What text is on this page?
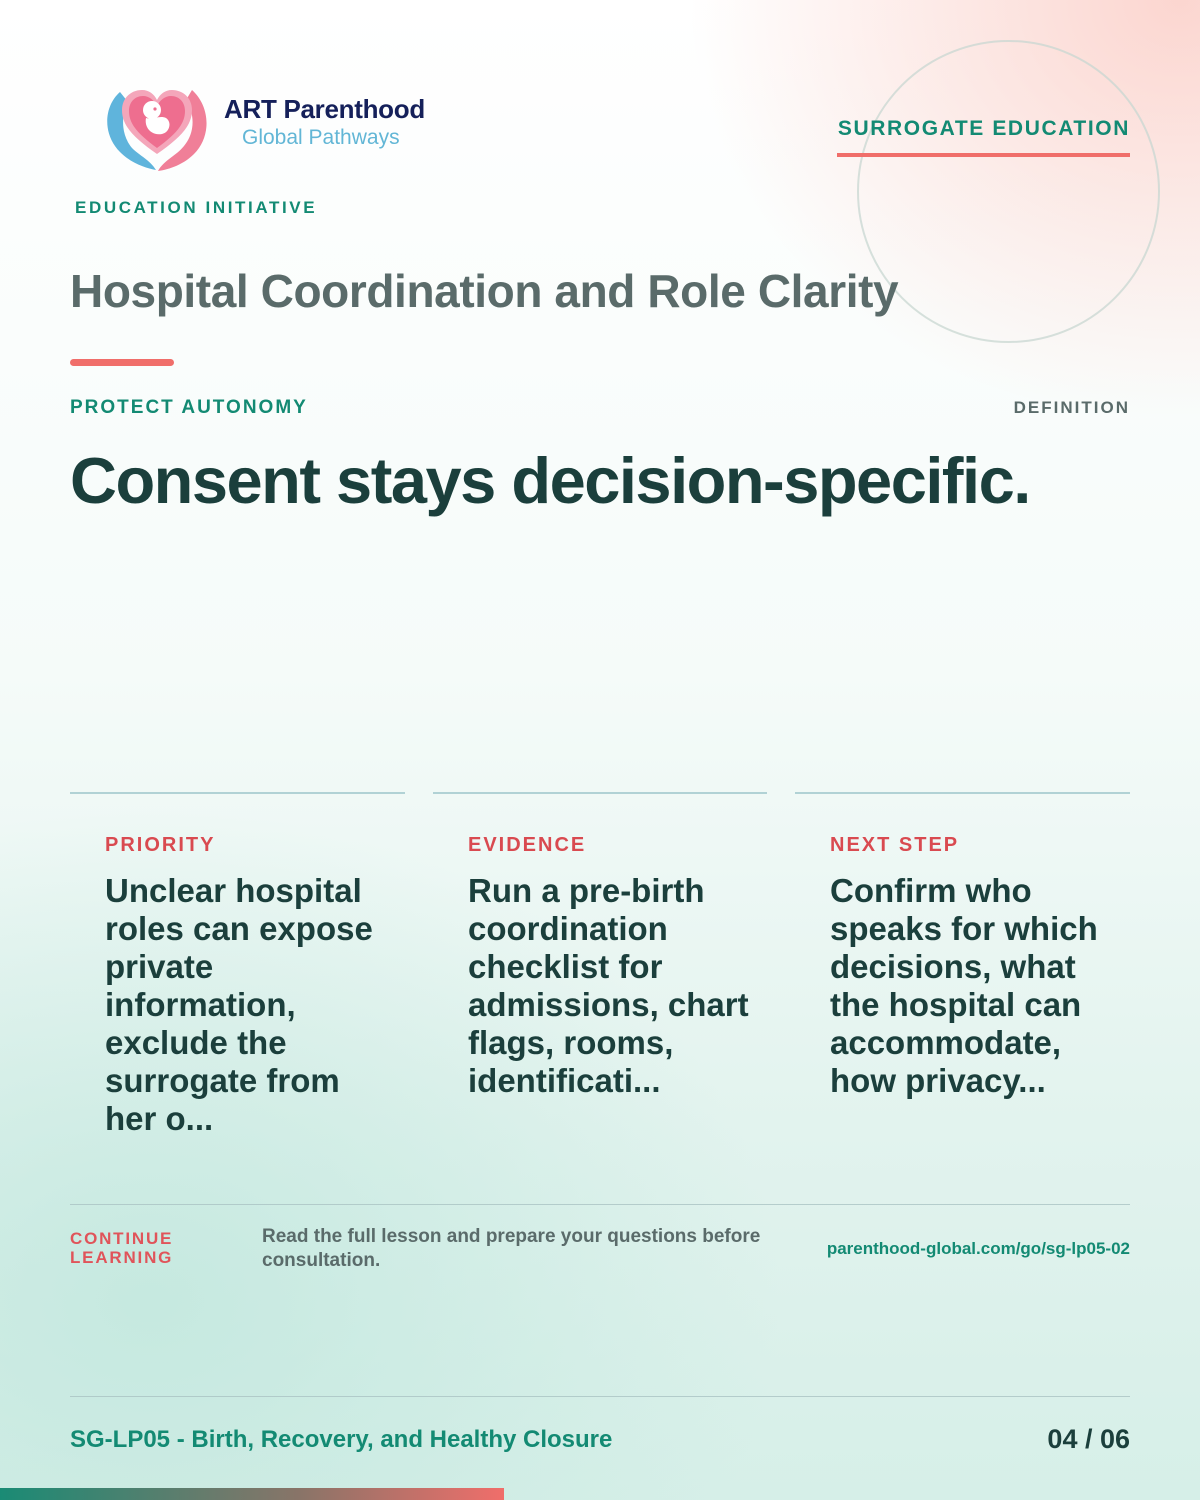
ART Parenthood
Global Pathways	SURROGATE EDUCATION
EDUCATION INITIATIVE
Hospital Coordination and Role Clarity
PROTECT AUTONOMY	DEFINITION
Consent stays decision-specific.
PRIORITY
Unclear hospital roles can expose private information, exclude the surrogate from her o...
EVIDENCE
Run a pre-birth coordination checklist for admissions, chart flags, rooms, identificati...
NEXT STEP
Confirm who speaks for which decisions, what the hospital can accommodate, how privacy...
CONTINUE LEARNING
Read the full lesson and prepare your questions before consultation.
parenthood-global.com/go/sg-lp05-02
SG-LP05 - Birth, Recovery, and Healthy Closure	04 / 06
